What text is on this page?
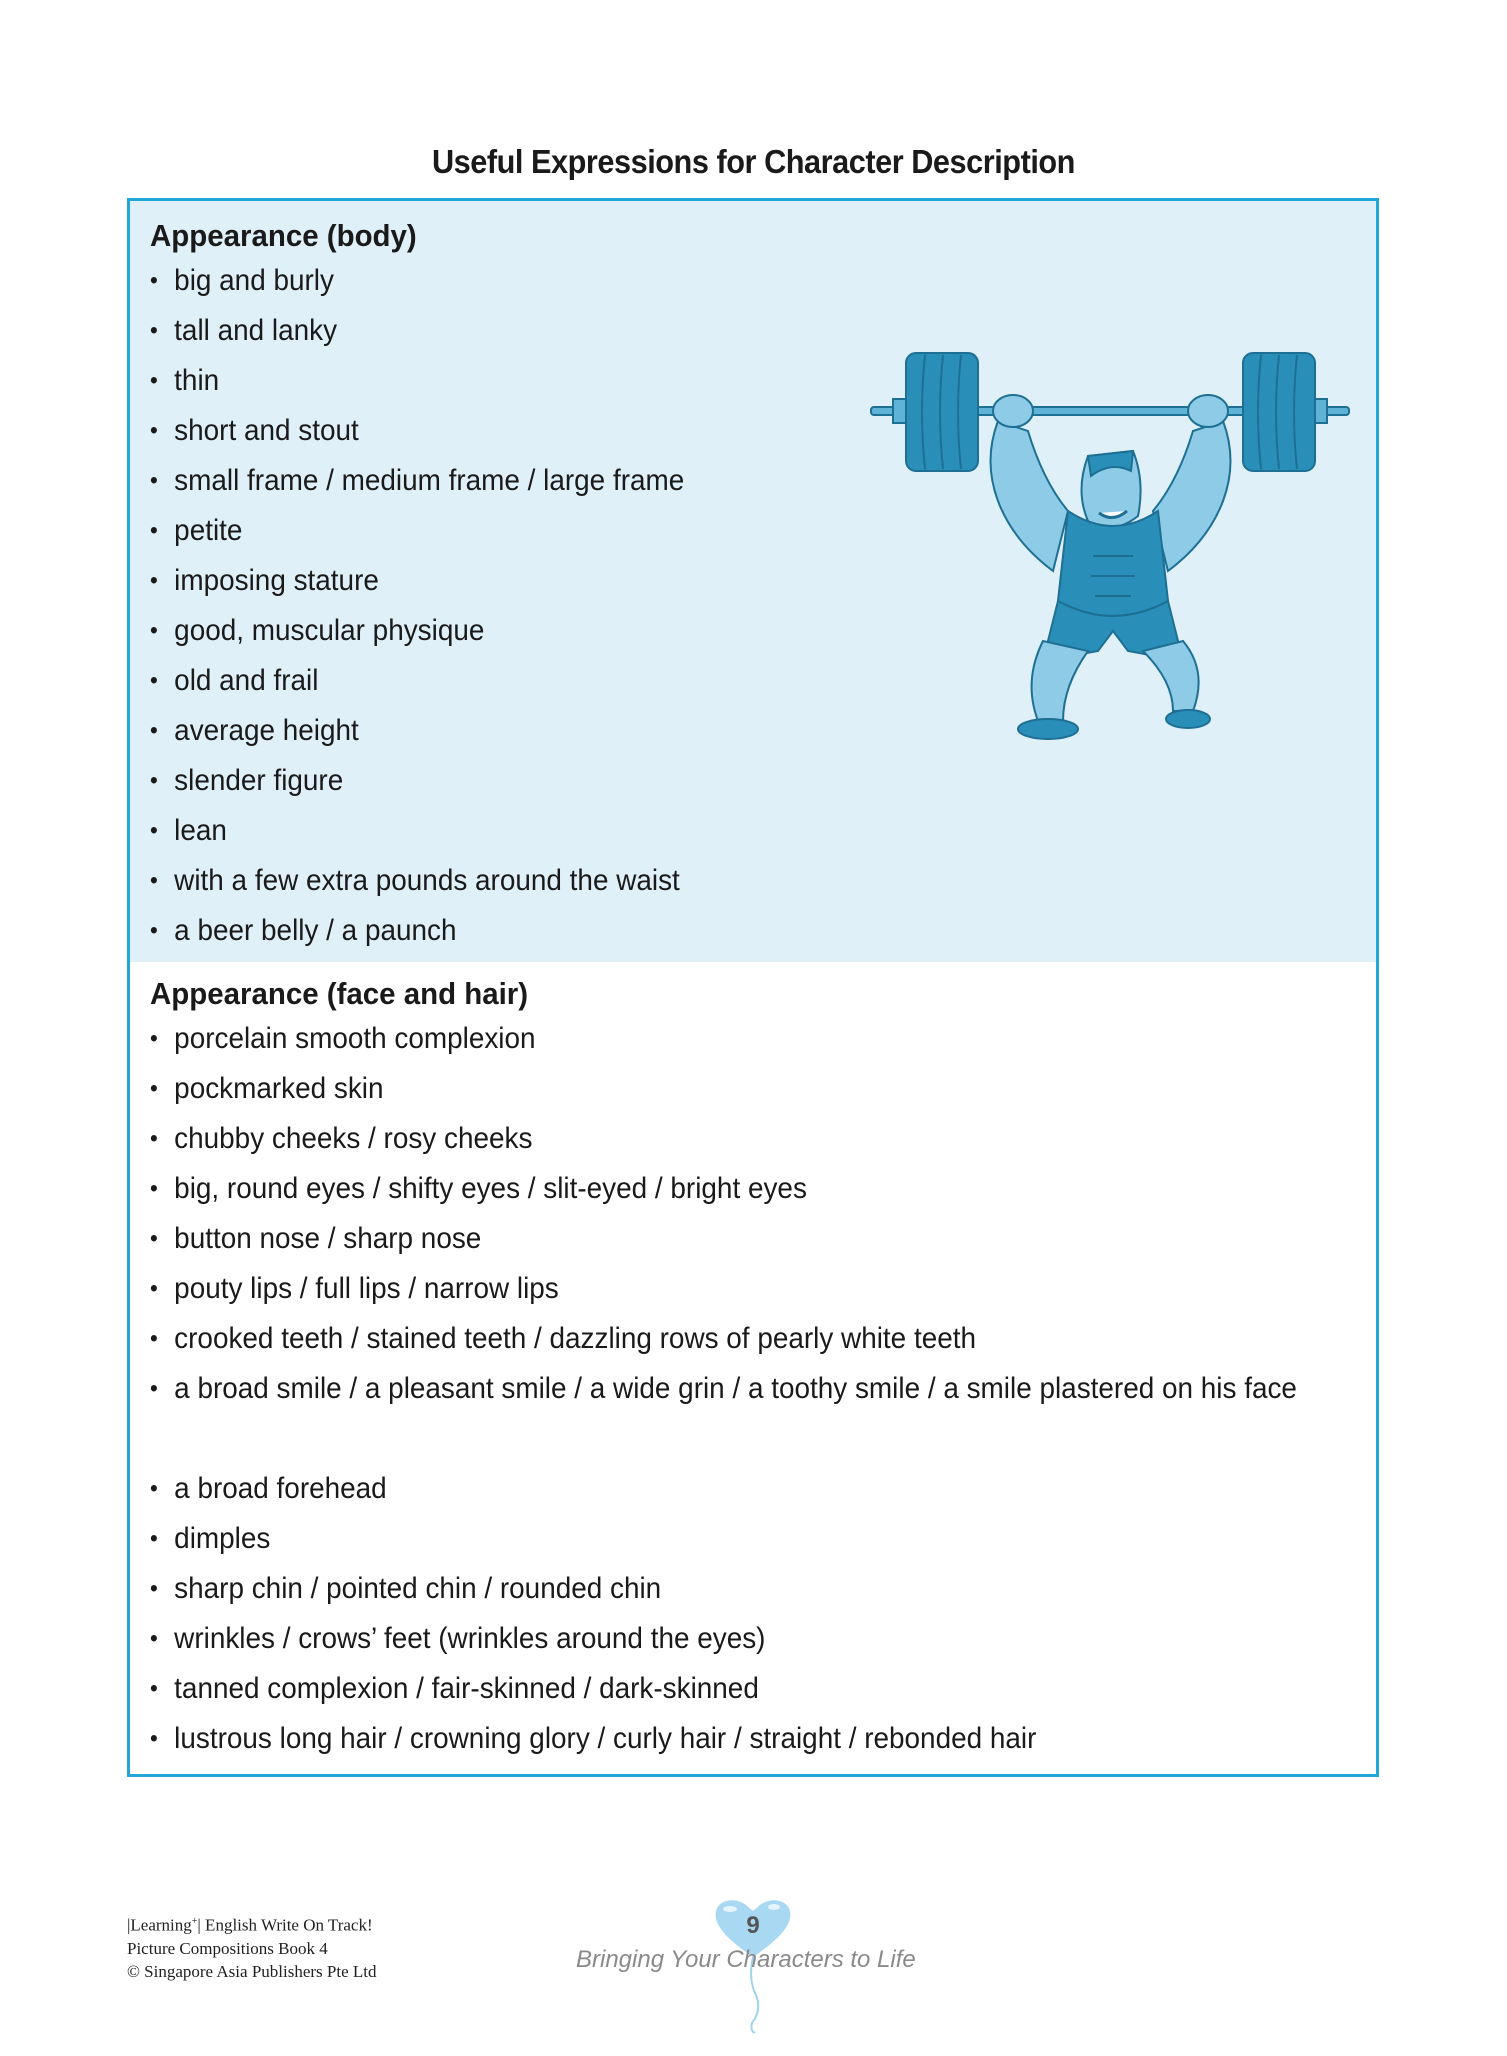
Useful Expressions for Character Description
Appearance (body)
• big and burly
• tall and lanky
• thin
• short and stout
• small frame / medium frame / large frame
• petite
• imposing stature
• good, muscular physique
• old and frail
• average height
• slender figure
• lean
• with a few extra pounds around the waist
• a beer belly / a paunch
Appearance (face and hair)
• porcelain smooth complexion
• pockmarked skin
• chubby cheeks / rosy cheeks
• big, round eyes / shifty eyes / slit-eyed / bright eyes
• button nose / sharp nose
• pouty lips / full lips / narrow lips
• crooked teeth / stained teeth / dazzling rows of pearly white teeth
• a broad smile / a pleasant smile / a wide grin / a toothy smile / a smile plastered on his face
• a broad forehead
• dimples
• sharp chin / pointed chin / rounded chin
• wrinkles / crows’ feet (wrinkles around the eyes)
• tanned complexion / fair-skinned / dark-skinned
• lustrous long hair / crowning glory / curly hair / straight / rebonded hair
|Learning+| English Write On Track!
Picture Compositions Book 4
© Singapore Asia Publishers Pte Ltd
9
Bringing Your Characters to Life
